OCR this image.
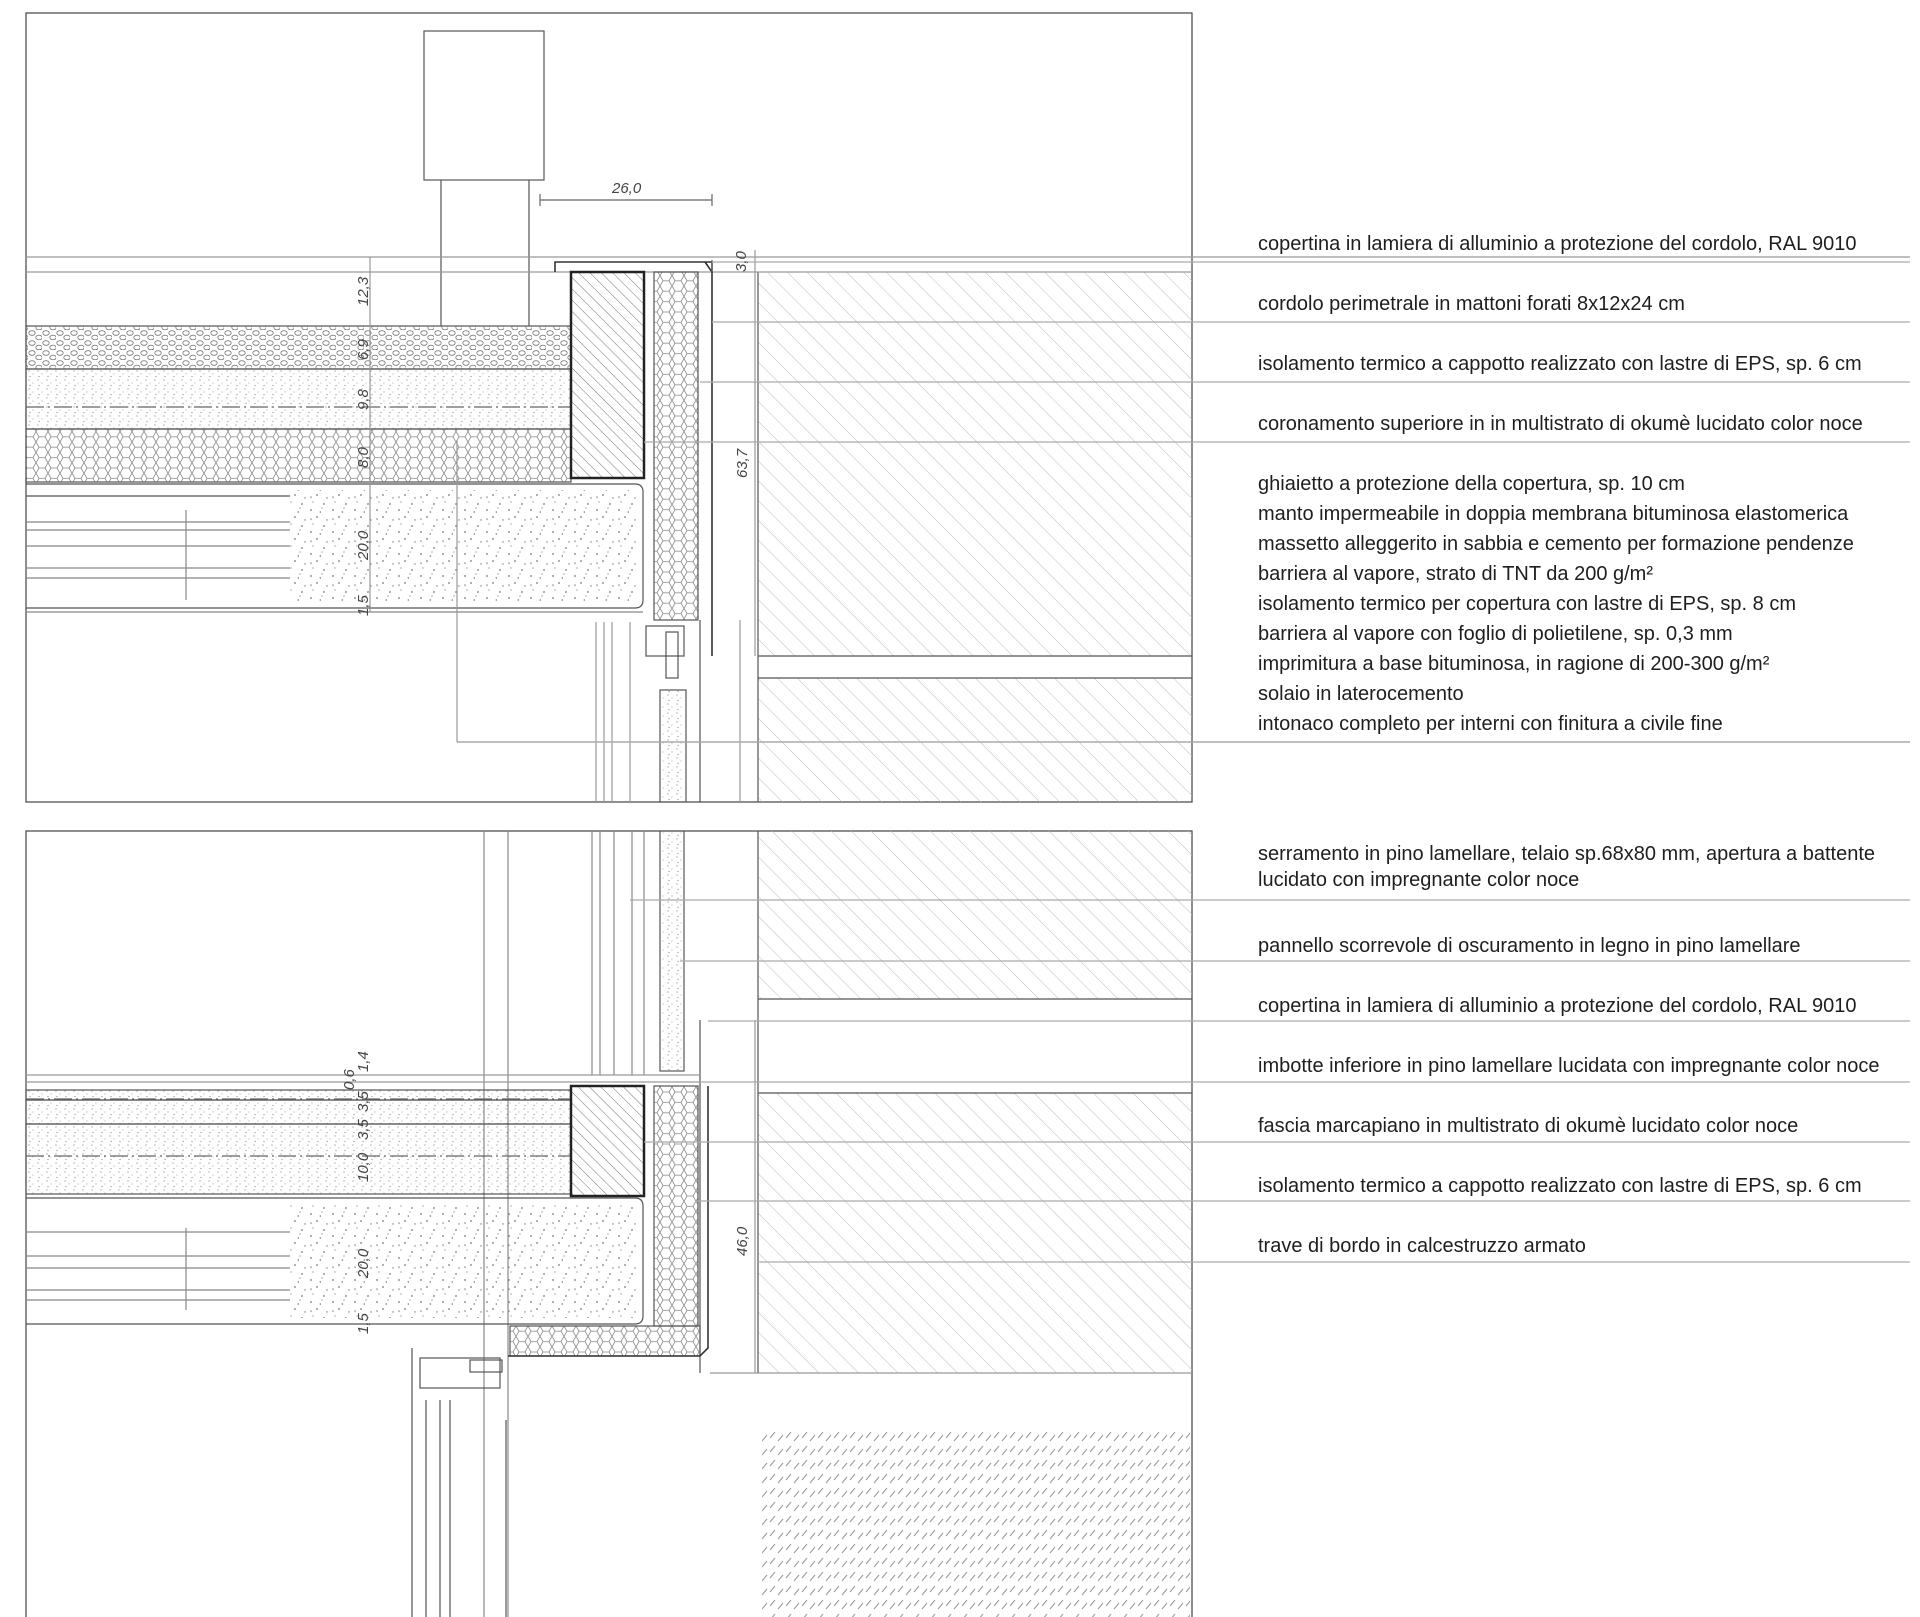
26,0
3,0
12,3
6,9
9,8
8,0
20,0
1,5
63,7
1,4
0,6
3,5
3,5
10,0
20,0
1,5
46,0
copertina in lamiera di alluminio a protezione del cordolo, RAL 9010
cordolo perimetrale in mattoni forati 8x12x24 cm
isolamento termico a cappotto realizzato con lastre di EPS, sp. 6 cm
coronamento superiore in in multistrato di okumè lucidato color noce
ghiaietto a protezione della copertura, sp. 10 cm
manto impermeabile in doppia membrana bituminosa elastomerica
massetto alleggerito in sabbia e cemento per formazione pendenze
barriera al vapore, strato di TNT da 200 g/m²
isolamento termico per copertura con lastre di EPS, sp. 8 cm
barriera al vapore con foglio di polietilene, sp. 0,3 mm
imprimitura a base bituminosa, in ragione di 200-300 g/m²
solaio in laterocemento
intonaco completo per interni con finitura a civile fine
serramento in pino lamellare, telaio sp.68x80 mm, apertura a battente
lucidato con impregnante color noce
pannello scorrevole di oscuramento in legno in pino lamellare
copertina in lamiera di alluminio a protezione del cordolo, RAL 9010
imbotte inferiore in pino lamellare lucidata con impregnante color noce
fascia marcapiano in multistrato di okumè lucidato color noce
isolamento termico a cappotto realizzato con lastre di EPS, sp. 6 cm
trave di bordo in calcestruzzo armato
